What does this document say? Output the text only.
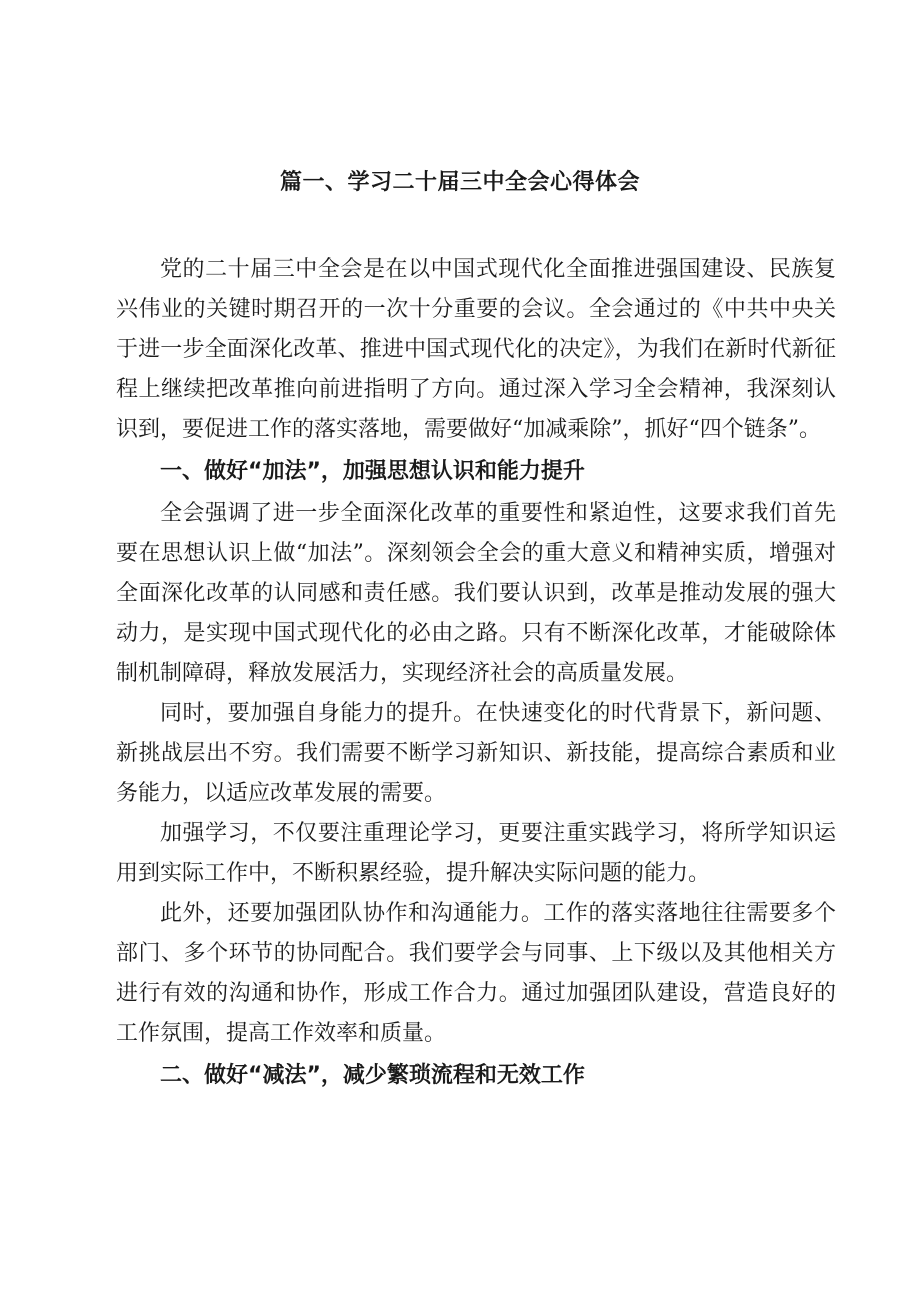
篇一、学习二十届三中全会心得体会

党的二十届三中全会是在以中国式现代化全面推进强国建设、民族复兴伟业的关键时期召开的一次十分重要的会议。全会通过的《中共中央关于进一步全面深化改革、推进中国式现代化的决定》，为我们在新时代新征程上继续把改革推向前进指明了方向。通过深入学习全会精神，我深刻认识到，要促进工作的落实落地，需要做好“加减乘除”，抓好“四个链条”。

一、做好“加法”，加强思想认识和能力提升

全会强调了进一步全面深化改革的重要性和紧迫性，这要求我们首先要在思想认识上做“加法”。深刻领会全会的重大意义和精神实质，增强对全面深化改革的认同感和责任感。我们要认识到，改革是推动发展的强大动力，是实现中国式现代化的必由之路。只有不断深化改革，才能破除体制机制障碍，释放发展活力，实现经济社会的高质量发展。

同时，要加强自身能力的提升。在快速变化的时代背景下，新问题、新挑战层出不穷。我们需要不断学习新知识、新技能，提高综合素质和业务能力，以适应改革发展的需要。

加强学习，不仅要注重理论学习，更要注重实践学习，将所学知识运用到实际工作中，不断积累经验，提升解决实际问题的能力。

此外，还要加强团队协作和沟通能力。工作的落实落地往往需要多个部门、多个环节的协同配合。我们要学会与同事、上下级以及其他相关方进行有效的沟通和协作，形成工作合力。通过加强团队建设，营造良好的工作氛围，提高工作效率和质量。

二、做好“减法”，减少繁琐流程和无效工作
